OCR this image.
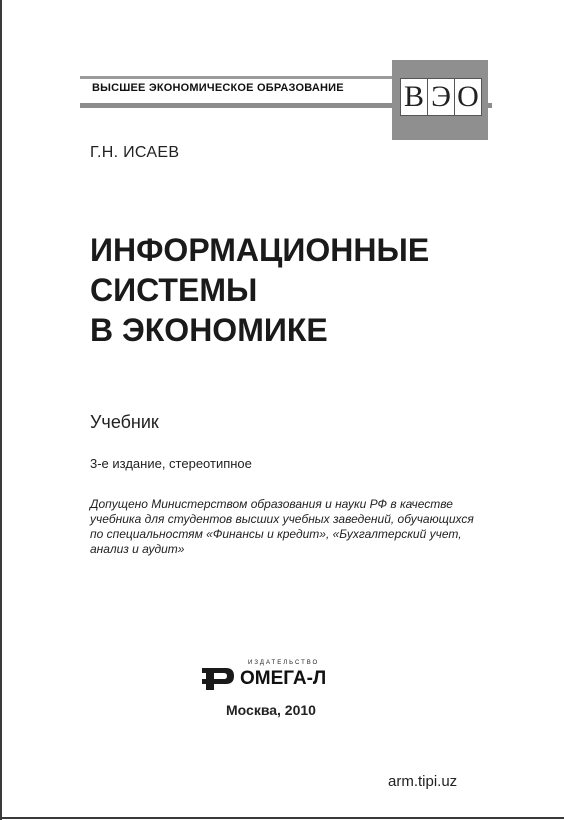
ВЫСШЕЕ ЭКОНОМИЧЕСКОЕ ОБРАЗОВАНИЕ В Э О
Г.Н. ИСАЕВ
ИНФОРМАЦИОННЫЕ
СИСТЕМЫ
В ЭКОНОМИКЕ
Учебник
3-е издание, стереотипное
Допущено Министерством образования и науки РФ в качестве
учебника для студентов высших учебных заведений, обучающихся
по специальностям «Финансы и кредит», «Бухгалтерский учет,
анализ и аудит»
ИЗДАТЕЛЬСТВО
ОМЕГА-Л
Москва, 2010
arm.tipi.uz
